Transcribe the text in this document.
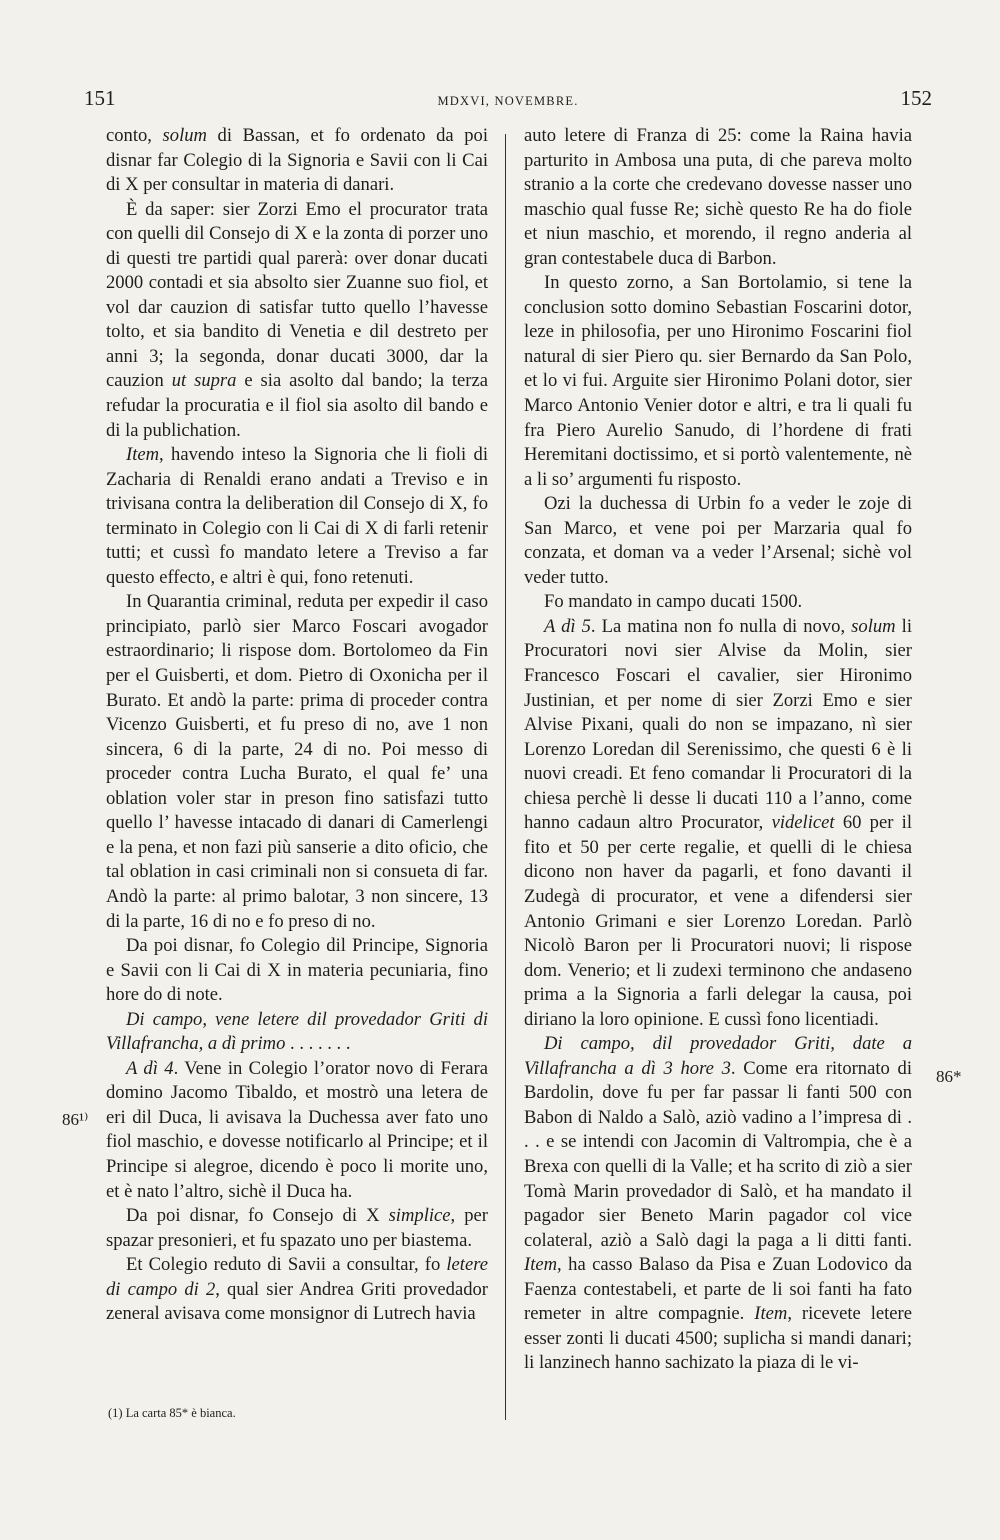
151	MDXVI, NOVEMBRE.	152

conto, solum di Bassan, et fo ordenato da poi disnar far Colegio di la Signoria e Savii con li Cai di X per consultar in materia di danari.

È da saper: sier Zorzi Emo el procurator trata con quelli dil Consejo di X e la zonta di porzer uno di questi tre partidi qual parerà: over donar ducati 2000 contadi et sia absolto sier Zuanne suo fiol, et vol dar cauzion di satisfar tutto quello l’havesse tolto, et sia bandito di Venetia e dil destreto per anni 3; la segonda, donar ducati 3000, dar la cauzion ut supra e sia asolto dal bando; la terza refudar la procuratia e il fiol sia asolto dil bando e di la publichation.

Item, havendo inteso la Signoria che li fioli di Zacharia di Renaldi erano andati a Treviso e in trivisana contra la deliberation dil Consejo di X, fo terminato in Colegio con li Cai di X di farli retenir tutti; et cussì fo mandato letere a Treviso a far questo effecto, e altri è qui, fono retenuti.

In Quarantia criminal, reduta per expedir il caso principiato, parlò sier Marco Foscari avogador estraordinario; li rispose dom. Bortolomeo da Fin per el Guisberti, et dom. Pietro di Oxonicha per il Burato. Et andò la parte: prima di proceder contra Vicenzo Guisberti, et fu preso di no, ave 1 non sincera, 6 di la parte, 24 di no. Poi messo di proceder contra Lucha Burato, el qual fe’ una oblation voler star in preson fino satisfazi tutto quello l’ havesse intacado di danari di Camerlengi e la pena, et non fazi più sanserie a dito oficio, che tal oblation in casi criminali non si consueta di far. Andò la parte: al primo balotar, 3 non sincere, 13 di la parte, 16 di no e fo preso di no.

Da poi disnar, fo Colegio dil Principe, Signoria e Savii con li Cai di X in materia pecuniaria, fino hore do di note.

Di campo, vene letere dil provedador Griti di Villafrancha, a dì primo . . . . . . .

A dì 4. Vene in Colegio l’orator novo di Ferara domino Jacomo Tibaldo, et mostrò una letera de eri dil Duca, li avisava la Duchessa aver fato uno fiol maschio, e dovesse notificarlo al Principe; et il Principe si alegroe, dicendo è poco li morite uno, et è nato l’altro, sichè il Duca ha.

Da poi disnar, fo Consejo di X simplice, per spazar presonieri, et fu spazato uno per biastema.

Et Colegio reduto di Savii a consultar, fo letere di campo di 2, qual sier Andrea Griti provedador zeneral avisava come monsignor di Lutrech havia

auto letere di Franza di 25: come la Raina havia parturito in Ambosa una puta, di che pareva molto stranio a la corte che credevano dovesse nasser uno maschio qual fusse Re; sichè questo Re ha do fiole et niun maschio, et morendo, il regno anderia al gran contestabele duca di Barbon.

In questo zorno, a San Bortolamio, si tene la conclusion sotto domino Sebastian Foscarini dotor, leze in philosofia, per uno Hironimo Foscarini fiol natural di sier Piero qu. sier Bernardo da San Polo, et lo vi fui. Arguite sier Hironimo Polani dotor, sier Marco Antonio Venier dotor e altri, e tra li quali fu fra Piero Aurelio Sanudo, di l’hordene di frati Heremitani doctissimo, et si portò valentemente, nè a li so’ argumenti fu risposto.

Ozi la duchessa di Urbin fo a veder le zoje di San Marco, et vene poi per Marzaria qual fo conzata, et doman va a veder l’Arsenal; sichè vol veder tutto.

Fo mandato in campo ducati 1500.

A dì 5. La matina non fo nulla di novo, solum li Procuratori novi sier Alvise da Molin, sier Francesco Foscari el cavalier, sier Hironimo Justinian, et per nome di sier Zorzi Emo e sier Alvise Pixani, quali do non se impazano, nì sier Lorenzo Loredan dil Serenissimo, che questi 6 è li nuovi creadi. Et feno comandar li Procuratori di la chiesa perchè li desse li ducati 110 a l’anno, come hanno cadaun altro Procurator, videlicet 60 per il fito et 50 per certe regalie, et quelli di le chiesa dicono non haver da pagarli, et fono davanti il Zudegà di procurator, et vene a difendersi sier Antonio Grimani e sier Lorenzo Loredan. Parlò Nicolò Baron per li Procuratori nuovi; li rispose dom. Venerio; et li zudexi terminono che andaseno prima a la Signoria a farli delegar la causa, poi diriano la loro opinione. E cussì fono licentiadi.

Di campo, dil provedador Griti, date a Villafrancha a dì 3 hore 3. Come era ritornato di Bardolin, dove fu per far passar li fanti 500 con Babon di Naldo a Salò, aziò vadino a l’impresa di . . . e se intendi con Jacomin di Valtrompia, che è a Brexa con quelli di la Valle; et ha scrito di ziò a sier Tomà Marin provedador di Salò, et ha mandato il pagador sier Beneto Marin pagador col vice colateral, aziò a Salò dagi la paga a li ditti fanti. Item, ha casso Balaso da Pisa e Zuan Lodovico da Faenza contestabeli, et parte de li soi fanti ha fato remeter in altre compagnie. Item, ricevete letere esser zonti li ducati 4500; suplicha si mandi danari; li lanzinech hanno sachizato la piaza di le vi-

86¹⁾
86*
(1) La carta 85* è bianca.
